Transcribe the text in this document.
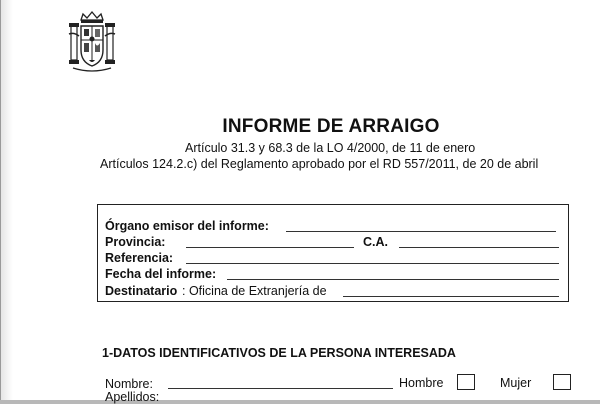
INFORME DE ARRAIGO
Artículo 31.3 y 68.3 de la LO 4/2000, de 11 de enero
Artículos 124.2.c) del Reglamento aprobado por el RD 557/2011, de 20 de abril
Órgano emisor del informe:
Provincia:	C.A.
Referencia:
Fecha del informe:
Destinatario : Oficina de Extranjería de
1-DATOS IDENTIFICATIVOS DE LA PERSONA INTERESADA
Nombre:	Hombre	Mujer
Apellidos:
